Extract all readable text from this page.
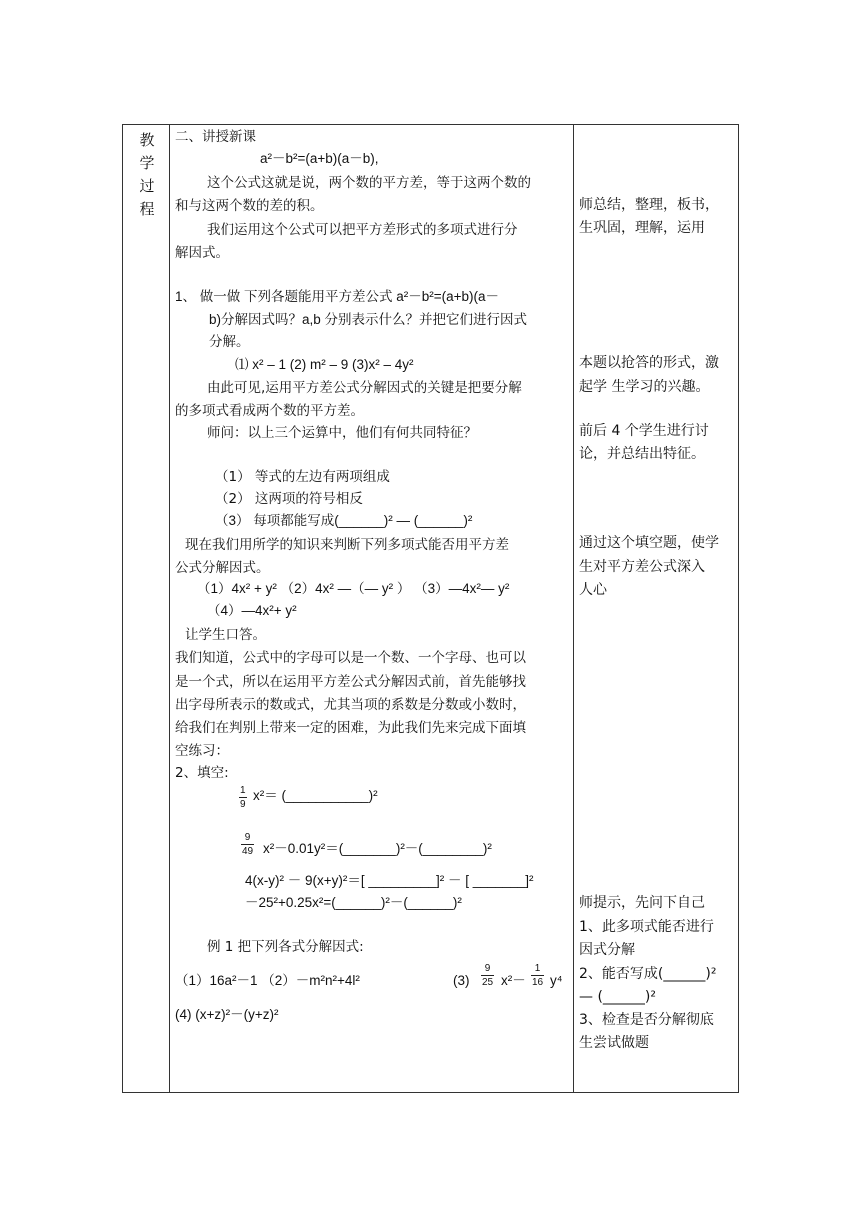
教
学
过
程
二、讲授新课
a²－b²=(a+b)(a－b),
这个公式这就是说，两个数的平方差，等于这两个数的
和与这两个数的差的积。
我们运用这个公式可以把平方差形式的多项式进行分
解因式。
1、 做一做 下列各题能用平方差公式 a²－b²=(a+b)(a－
b)分解因式吗？a,b 分别表示什么？并把它们进行因式
分解。
⑴ x² – 1 (2) m² – 9 (3)x² – 4y²
由此可见,运用平方差公式分解因式的关键是把要分解
的多项式看成两个数的平方差。
师问：以上三个运算中，他们有何共同特征？
（1） 等式的左边有两项组成
（2） 这两项的符号相反
（3） 每项都能写成(______)² — (______)²
现在我们用所学的知识来判断下列多项式能否用平方差
公式分解因式。
（1）4x² + y² （2）4x² —（— y² ） （3）—4x²— y²
（4）—4x²+ y²
让学生口答。
我们知道，公式中的字母可以是一个数、一个字母、也可以
是一个式，所以在运用平方差公式分解因式前，首先能够找
出字母所表示的数或式，尤其当项的系数是分数或小数时，
给我们在判别上带来一定的困难，为此我们先来完成下面填
空练习：
2、填空:
1
9
x²＝ (___________)²
9
49 x²－0.01y²＝(_______)²－(________)²
4(x-y)² － 9(x+y)²＝[ _________]² － [ _______]²
－25²+0.25x²=(______)²－(______)²
例 1 把下列各式分解因式:
（1）16a²－1 （2）－m²n²+4l²	(3)
9
25 x²－
1
16 y⁴
(4) (x+z)²－(y+z)²
师总结，整理，板书，
生巩固，理解，运用
本题以抢答的形式，激
起学 生学习的兴趣。
前后 4 个学生进行讨
论，并总结出特征。
通过这个填空题，使学
生对平方差公式深入
人心
师提示，先问下自己
1、此多项式能否进行
因式分解
2、能否写成(______)²
— (______)²
3、检查是否分解彻底
生尝试做题
